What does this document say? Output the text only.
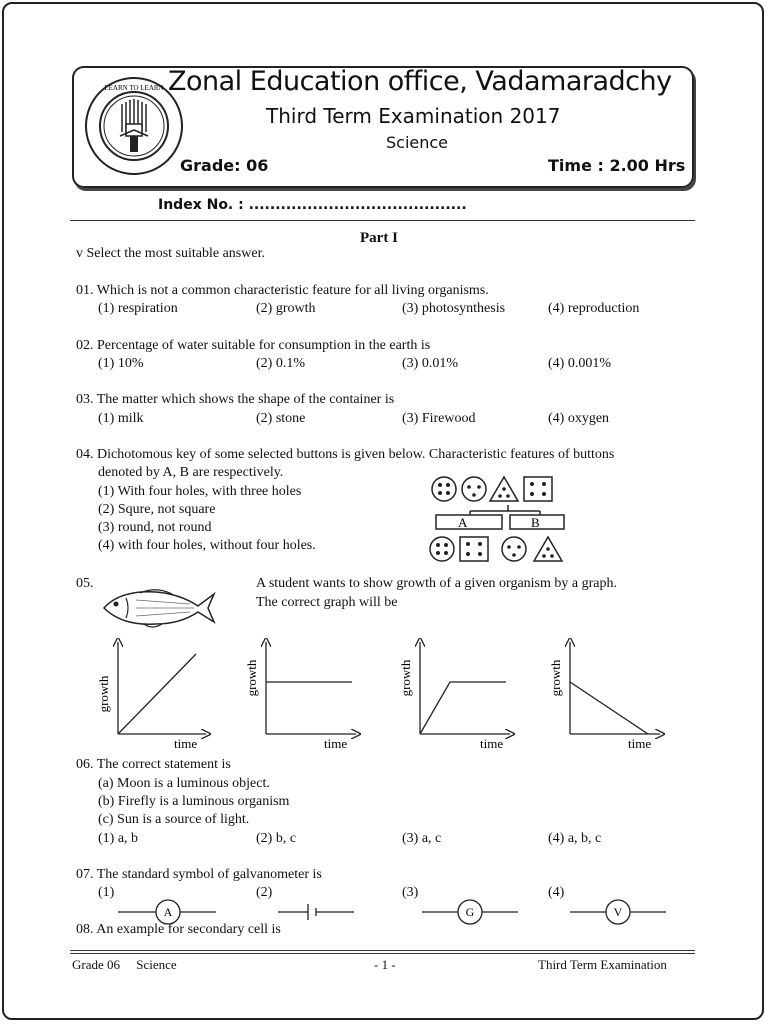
LEARN TO LEARN Zonal Education office, Vadamaradchy
Third Term Examination 2017
Science
Grade: 06	Time : 2.00 Hrs
Index No. : .........................................
Part I
v Select the most suitable answer.
01. Which is not a common characteristic feature for all living organisms.
(1) respiration	(2) growth	(3) photosynthesis	(4) reproduction
02. Percentage of water suitable for consumption in the earth is
(1) 10%	(2) 0.1%	(3) 0.01%	(4) 0.001%
03. The matter which shows the shape of the container is
(1) milk	(2) stone	(3) Firewood	(4) oxygen
04. Dichotomous key of some selected buttons is given below. Characteristic features of buttons
denoted by A, B are respectively.
(1) With four holes, with three holes
(2) Squre, not square
(3) round, not round
(4) with four holes, without four holes.
A	B
05.	A student wants to show growth of a given organism by a graph.
The correct graph will be
growth
time
growth
time
growth
time
growth
time
06. The correct statement is
(a) Moon is a luminous object.
(b) Firefly is a luminous organism
(c) Sun is a source of light.
(1) a, b	(2) b, c	(3) a, c	(4) a, b, c
07. The standard symbol of galvanometer is
(1)	(2)	(3)	(4)
A	G	V
08. An example for secondary cell is
Grade 06     Science	- 1 -	Third Term Examination
